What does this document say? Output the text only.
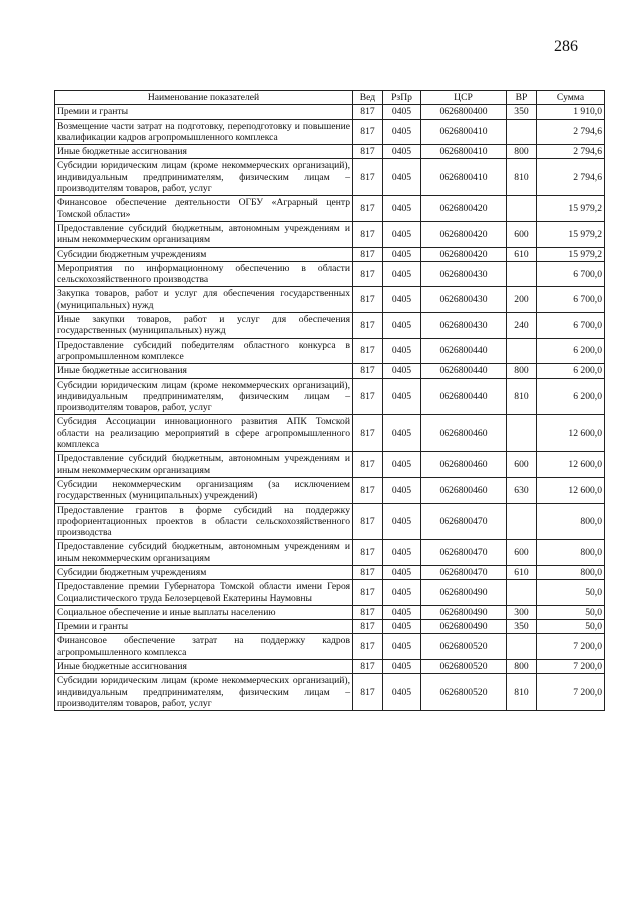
286
Наименование показателей	Вед	РзПр	ЦСР	ВР	Сумма
Премии и гранты	817	0405	0626800400	350	1 910,0
Возмещение части затрат на подготовку, переподготовку и повышение квалификации кадров агропромышленного комплекса	817	0405	0626800410		2 794,6
Иные бюджетные ассигнования	817	0405	0626800410	800	2 794,6
Субсидии юридическим лицам (кроме некоммерческих организаций), индивидуальным предпринимателям, физическим лицам – производителям товаров, работ, услуг	817	0405	0626800410	810	2 794,6
Финансовое обеспечение деятельности ОГБУ «Аграрный центр Томской области»	817	0405	0626800420		15 979,2
Предоставление субсидий бюджетным, автономным учреждениям и иным некоммерческим организациям	817	0405	0626800420	600	15 979,2
Субсидии бюджетным учреждениям	817	0405	0626800420	610	15 979,2
Мероприятия по информационному обеспечению в области сельскохозяйственного производства	817	0405	0626800430		6 700,0
Закупка товаров, работ и услуг для обеспечения государственных (муниципальных) нужд	817	0405	0626800430	200	6 700,0
Иные закупки товаров, работ и услуг для обеспечения государственных (муниципальных) нужд	817	0405	0626800430	240	6 700,0
Предоставление субсидий победителям областного конкурса в агропромышленном комплексе	817	0405	0626800440		6 200,0
Иные бюджетные ассигнования	817	0405	0626800440	800	6 200,0
Субсидии юридическим лицам (кроме некоммерческих организаций), индивидуальным предпринимателям, физическим лицам – производителям товаров, работ, услуг	817	0405	0626800440	810	6 200,0
Субсидия Ассоциации инновационного развития АПК Томской области на реализацию мероприятий в сфере агропромышленного комплекса	817	0405	0626800460		12 600,0
Предоставление субсидий бюджетным, автономным учреждениям и иным некоммерческим организациям	817	0405	0626800460	600	12 600,0
Субсидии некоммерческим организациям (за исключением государственных (муниципальных) учреждений)	817	0405	0626800460	630	12 600,0
Предоставление грантов в форме субсидий на поддержку профориентационных проектов в области сельскохозяйственного производства	817	0405	0626800470		800,0
Предоставление субсидий бюджетным, автономным учреждениям и иным некоммерческим организациям	817	0405	0626800470	600	800,0
Субсидии бюджетным учреждениям	817	0405	0626800470	610	800,0
Предоставление премии Губернатора Томской области имени Героя Социалистического труда Белозерцевой Екатерины Наумовны	817	0405	0626800490		50,0
Социальное обеспечение и иные выплаты населению	817	0405	0626800490	300	50,0
Премии и гранты	817	0405	0626800490	350	50,0
Финансовое обеспечение затрат на поддержку кадров агропромышленного комплекса	817	0405	0626800520		7 200,0
Иные бюджетные ассигнования	817	0405	0626800520	800	7 200,0
Субсидии юридическим лицам (кроме некоммерческих организаций), индивидуальным предпринимателям, физическим лицам – производителям товаров, работ, услуг	817	0405	0626800520	810	7 200,0
